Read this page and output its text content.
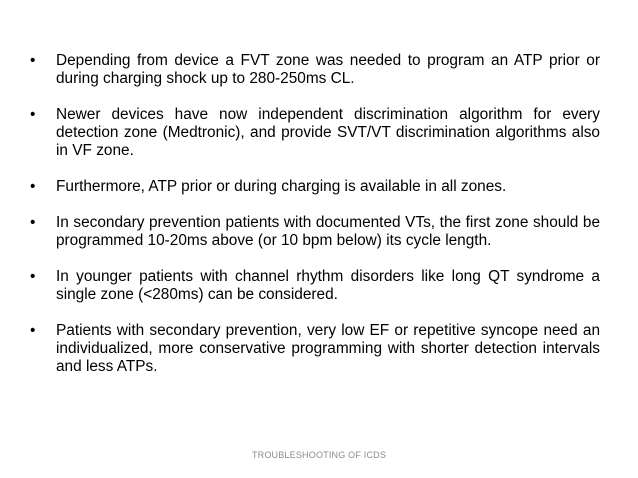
•	Depending from device a FVT zone was needed to program an ATP prior or during charging shock up to 280-250ms CL.
•	Newer devices have now independent discrimination algorithm for every detection zone (Medtronic), and provide SVT/VT discrimination algorithms also in VF zone.
•	Furthermore, ATP prior or during charging is available in all zones.
•	In secondary prevention patients with documented VTs, the first zone should be programmed 10-20ms above (or 10 bpm below) its cycle length.
•	In younger patients with channel rhythm disorders like long QT syndrome a single zone (<280ms) can be considered.
•	Patients with secondary prevention, very low EF or repetitive syncope need an individualized, more conservative programming with shorter detection intervals and less ATPs.
TROUBLESHOOTING OF ICDS
